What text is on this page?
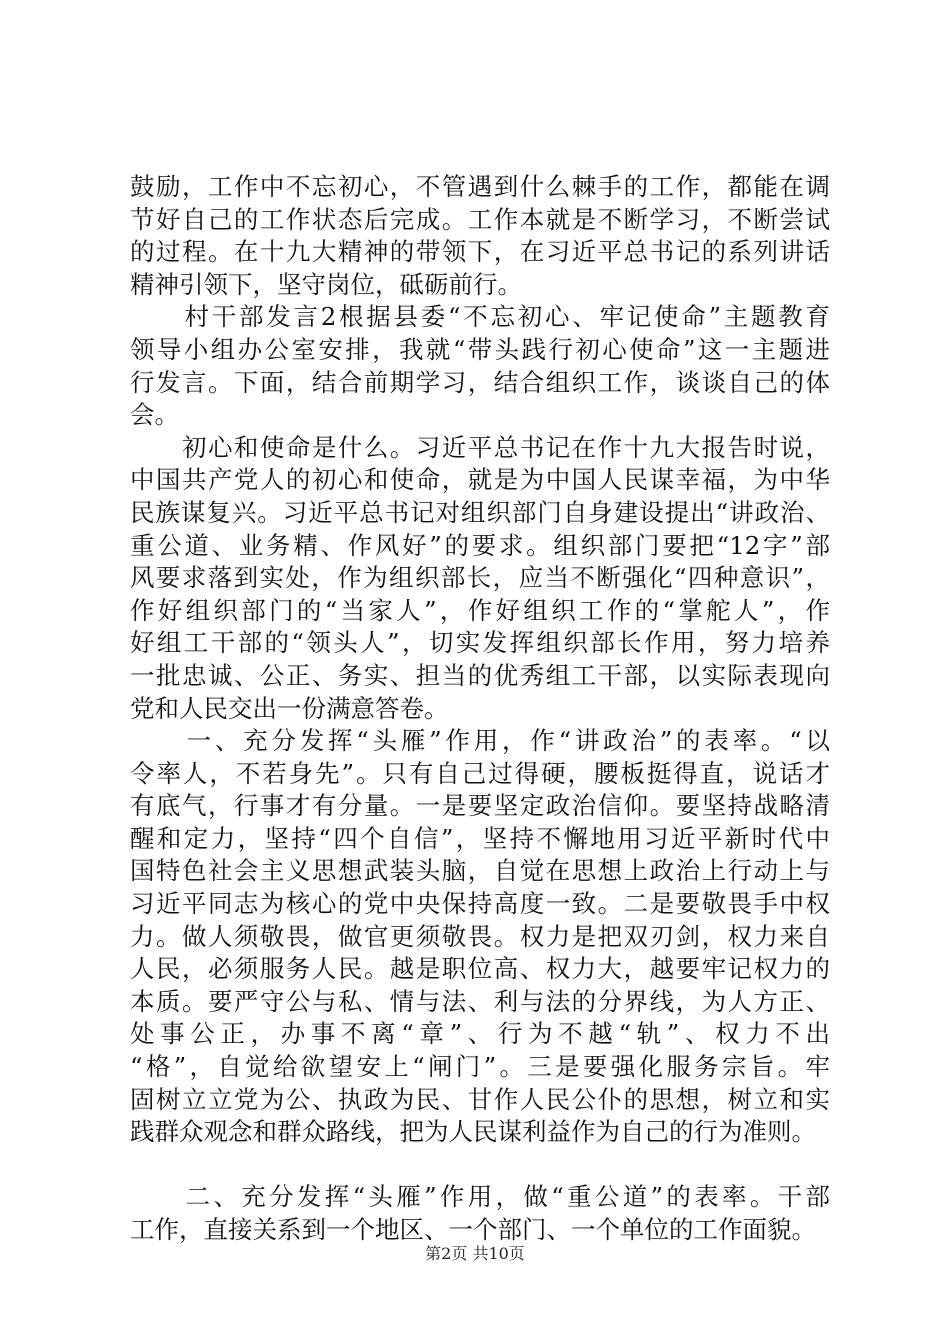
鼓励，工作中不忘初心，不管遇到什么棘手的工作，都能在调
节好自己的工作状态后完成。工作本就是不断学习，不断尝试
的过程。在十九大精神的带领下，在习近平总书记的系列讲话
精神引领下，坚守岗位，砥砺前行。
　　村干部发言2根据县委“不忘初心、牢记使命”主题教育
领导小组办公室安排，我就“带头践行初心使命”这一主题进
行发言。下面，结合前期学习，结合组织工作，谈谈自己的体
会。
　　初心和使命是什么。习近平总书记在作十九大报告时说，
中国共产党人的初心和使命，就是为中国人民谋幸福，为中华
民族谋复兴。习近平总书记对组织部门自身建设提出“讲政治、
重公道、业务精、作风好”的要求。组织部门要把“12字”部
风要求落到实处，作为组织部长，应当不断强化“四种意识”，
作好组织部门的“当家人”，作好组织工作的“掌舵人”，作
好组工干部的“领头人”，切实发挥组织部长作用，努力培养
一批忠诚、公正、务实、担当的优秀组工干部，以实际表现向
党和人民交出一份满意答卷。
　　一、充分发挥“头雁”作用，作“讲政治”的表率。“以
令率人，不若身先”。只有自己过得硬，腰板挺得直，说话才
有底气，行事才有分量。一是要坚定政治信仰。要坚持战略清
醒和定力，坚持“四个自信”，坚持不懈地用习近平新时代中
国特色社会主义思想武装头脑，自觉在思想上政治上行动上与
习近平同志为核心的党中央保持高度一致。二是要敬畏手中权
力。做人须敬畏，做官更须敬畏。权力是把双刃剑，权力来自
人民，必须服务人民。越是职位高、权力大，越要牢记权力的
本质。要严守公与私、情与法、利与法的分界线，为人方正、
处事公正，办事不离“章”、行为不越“轨”、权力不出
“格”，自觉给欲望安上“闸门”。三是要强化服务宗旨。牢
固树立立党为公、执政为民、甘作人民公仆的思想，树立和实
践群众观念和群众路线，把为人民谋利益作为自己的行为准则。
　　二、充分发挥“头雁”作用，做“重公道”的表率。干部
工作，直接关系到一个地区、一个部门、一个单位的工作面貌。
第2页 共10页
